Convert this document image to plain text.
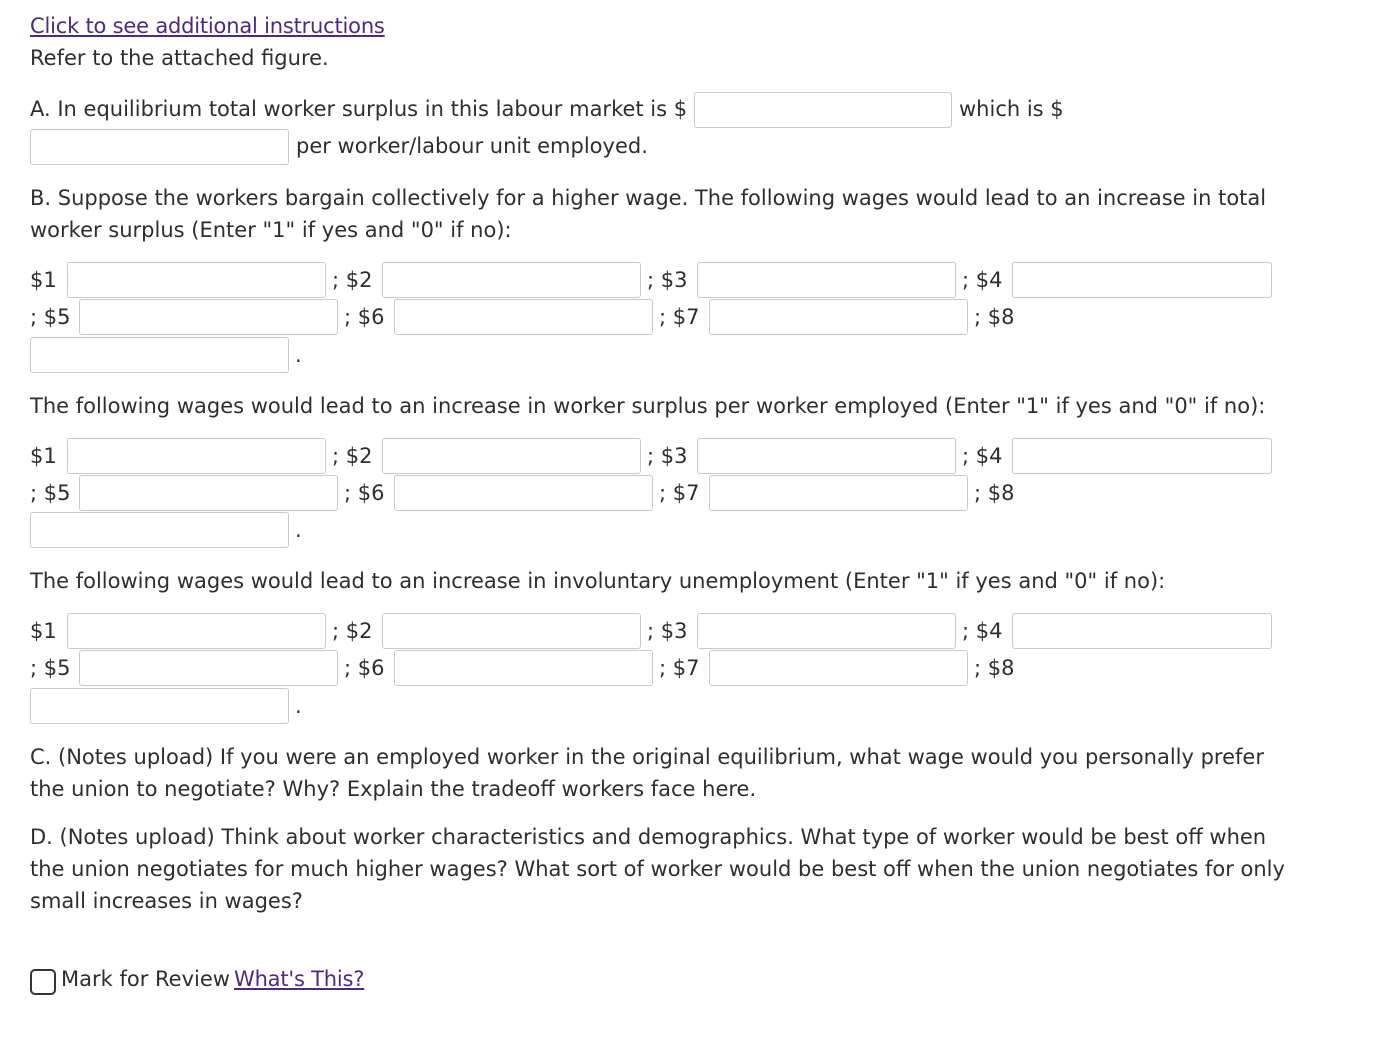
Click to see additional instructions
Refer to the attached figure.
A. In equilibrium total worker surplus in this labour market is $	which is $
per worker/labour unit employed.
B. Suppose the workers bargain collectively for a higher wage. The following wages would lead to an increase in total worker surplus (Enter "1" if yes and "0" if no):
$1	; $2	; $3	; $4
; $5	; $6	; $7	; $8
.
The following wages would lead to an increase in worker surplus per worker employed (Enter "1" if yes and "0" if no):
$1	; $2	; $3	; $4
; $5	; $6	; $7	; $8
.
The following wages would lead to an increase in involuntary unemployment (Enter "1" if yes and "0" if no):
$1	; $2	; $3	; $4
; $5	; $6	; $7	; $8
.
C. (Notes upload) If you were an employed worker in the original equilibrium, what wage would you personally prefer the union to negotiate? Why? Explain the tradeoff workers face here.
D. (Notes upload) Think about worker characteristics and demographics. What type of worker would be best off when the union negotiates for much higher wages? What sort of worker would be best off when the union negotiates for only small increases in wages?
Mark for Review What's This?
